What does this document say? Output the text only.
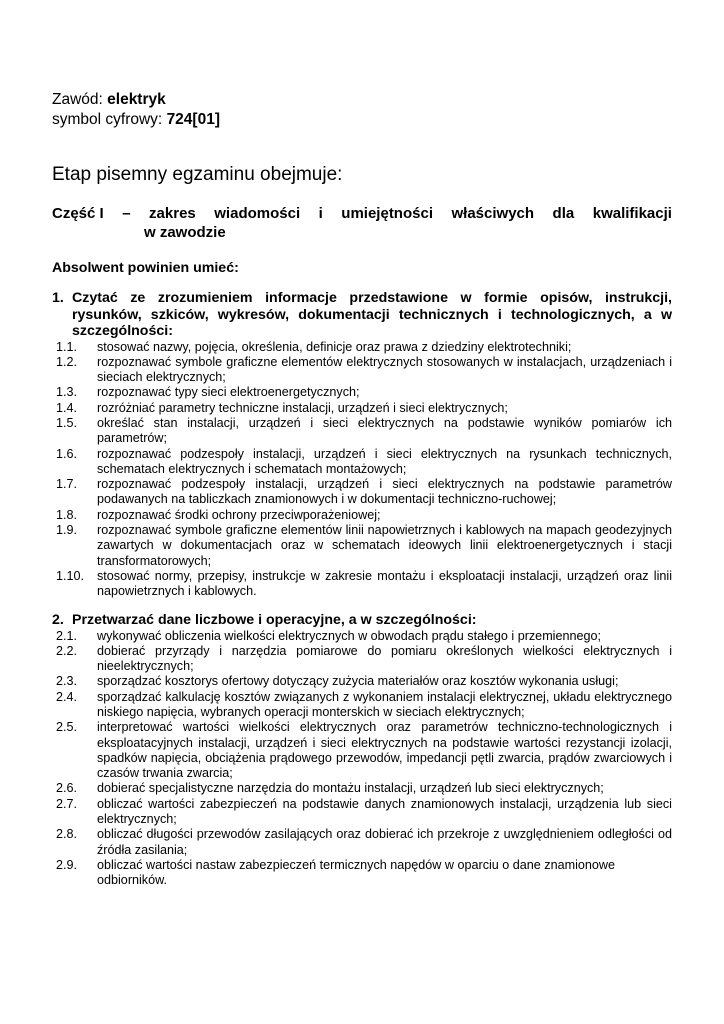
Zawód: elektryk
symbol cyfrowy: 724[01]
Etap pisemny egzaminu obejmuje:
Część I – zakres wiadomości i umiejętności właściwych dla kwalifikacji
w zawodzie
Absolwent powinien umieć:
1. Czytać ze zrozumieniem informacje przedstawione w formie opisów, instrukcji, rysunków, szkiców, wykresów, dokumentacji technicznych i technologicznych, a w szczególności:
1.1.	stosować nazwy, pojęcia, określenia, definicje oraz prawa z dziedziny elektrotechniki;
1.2.	rozpoznawać symbole graficzne elementów elektrycznych stosowanych w instalacjach, urządzeniach i sieciach elektrycznych;
1.3.	rozpoznawać typy sieci elektroenergetycznych;
1.4.	rozróżniać parametry techniczne instalacji, urządzeń i sieci elektrycznych;
1.5.	określać stan instalacji, urządzeń i sieci elektrycznych na podstawie wyników pomiarów ich parametrów;
1.6.	rozpoznawać podzespoły instalacji, urządzeń i sieci elektrycznych na rysunkach technicznych, schematach elektrycznych i schematach montażowych;
1.7.	rozpoznawać podzespoły instalacji, urządzeń i sieci elektrycznych na podstawie parametrów podawanych na tabliczkach znamionowych i w dokumentacji techniczno-ruchowej;
1.8.	rozpoznawać środki ochrony przeciwporażeniowej;
1.9.	rozpoznawać symbole graficzne elementów linii napowietrznych i kablowych na mapach geodezyjnych zawartych w dokumentacjach oraz w schematach ideowych linii elektroenergetycznych i stacji transformatorowych;
1.10.	stosować normy, przepisy, instrukcje w zakresie montażu i eksploatacji instalacji, urządzeń oraz linii napowietrznych i kablowych.
2. Przetwarzać dane liczbowe i operacyjne, a w szczególności:
2.1.	wykonywać obliczenia wielkości elektrycznych w obwodach prądu stałego i przemiennego;
2.2.	dobierać przyrządy i narzędzia pomiarowe do pomiaru określonych wielkości elektrycznych i nieelektrycznych;
2.3.	sporządzać kosztorys ofertowy dotyczący zużycia materiałów oraz kosztów wykonania usługi;
2.4.	sporządzać kalkulację kosztów związanych z wykonaniem instalacji elektrycznej, układu elektrycznego niskiego napięcia, wybranych operacji monterskich w sieciach elektrycznych;
2.5.	interpretować wartości wielkości elektrycznych oraz parametrów techniczno-technologicznych i eksploatacyjnych instalacji, urządzeń i sieci elektrycznych na podstawie wartości rezystancji izolacji, spadków napięcia, obciążenia prądowego przewodów, impedancji pętli zwarcia, prądów zwarciowych i czasów trwania zwarcia;
2.6.	dobierać specjalistyczne narzędzia do montażu instalacji, urządzeń lub sieci elektrycznych;
2.7.	obliczać wartości zabezpieczeń na podstawie danych znamionowych instalacji, urządzenia lub sieci elektrycznych;
2.8.	obliczać długości przewodów zasilających oraz dobierać ich przekroje z uwzględnieniem odległości od źródła zasilania;
2.9.	obliczać wartości nastaw zabezpieczeń termicznych napędów w oparciu o dane znamionowe odbiorników.
